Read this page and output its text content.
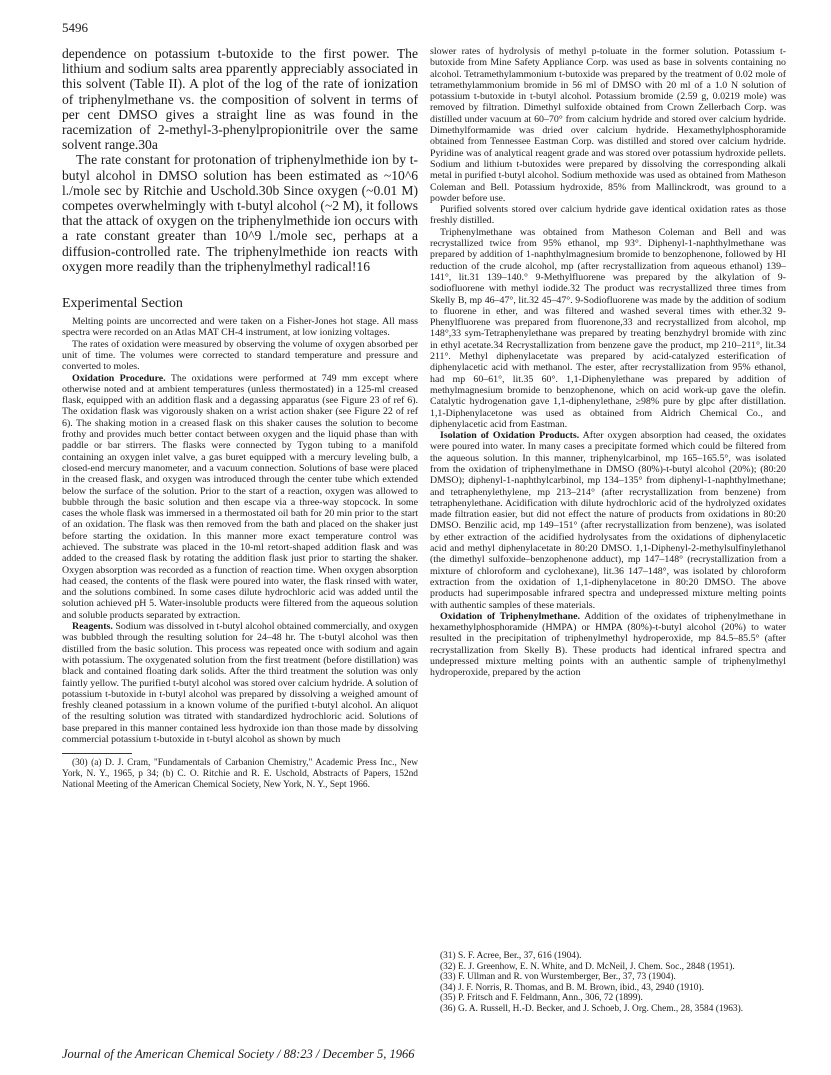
5496

dependence on potassium t-butoxide to the first power. The lithium and sodium salts area pparently appreciably associated in this solvent (Table II). A plot of the log of the rate of ionization of triphenylmethane vs. the composition of solvent in terms of per cent DMSO gives a straight line as was found in the racemization of 2-methyl-3-phenylpropionitrile over the same solvent range.30a

The rate constant for protonation of triphenylmethide ion by t-butyl alcohol in DMSO solution has been estimated as ~10^6 l./mole sec by Ritchie and Uschold.30b Since oxygen (~0.01 M) competes overwhelmingly with t-butyl alcohol (~2 M), it follows that the attack of oxygen on the triphenylmethide ion occurs with a rate constant greater than 10^9 l./mole sec, perhaps at a diffusion-controlled rate. The triphenylmethide ion reacts with oxygen more readily than the triphenylmethyl radical!16

Experimental Section

Melting points are uncorrected and were taken on a Fisher-Jones hot stage. All mass spectra were recorded on an Atlas MAT CH-4 instrument, at low ionizing voltages.

The rates of oxidation were measured by observing the volume of oxygen absorbed per unit of time. The volumes were corrected to standard temperature and pressure and converted to moles.

Oxidation Procedure. The oxidations were performed at 749 mm except where otherwise noted and at ambient temperatures (unless thermostated) in a 125-ml creased flask, equipped with an addition flask and a degassing apparatus (see Figure 23 of ref 6). The oxidation flask was vigorously shaken on a wrist action shaker (see Figure 22 of ref 6). The shaking motion in a creased flask on this shaker causes the solution to become frothy and provides much better contact between oxygen and the liquid phase than with paddle or bar stirrers. The flasks were connected by Tygon tubing to a manifold containing an oxygen inlet valve, a gas buret equipped with a mercury leveling bulb, a closed-end mercury manometer, and a vacuum connection. Solutions of base were placed in the creased flask, and oxygen was introduced through the center tube which extended below the surface of the solution. Prior to the start of a reaction, oxygen was allowed to bubble through the basic solution and then escape via a three-way stopcock. In some cases the whole flask was immersed in a thermostated oil bath for 20 min prior to the start of an oxidation. The flask was then removed from the bath and placed on the shaker just before starting the oxidation. In this manner more exact temperature control was achieved. The substrate was placed in the 10-ml retort-shaped addition flask and was added to the creased flask by rotating the addition flask just prior to starting the shaker. Oxygen absorption was recorded as a function of reaction time. When oxygen absorption had ceased, the contents of the flask were poured into water, the flask rinsed with water, and the solutions combined. In some cases dilute hydrochloric acid was added until the solution achieved pH 5. Water-insoluble products were filtered from the aqueous solution and soluble products separated by extraction.

Reagents. Sodium was dissolved in t-butyl alcohol obtained commercially, and oxygen was bubbled through the resulting solution for 24–48 hr. The t-butyl alcohol was then distilled from the basic solution. This process was repeated once with sodium and again with potassium. The oxygenated solution from the first treatment (before distillation) was black and contained floating dark solids. After the third treatment the solution was only faintly yellow. The purified t-butyl alcohol was stored over calcium hydride. A solution of potassium t-butoxide in t-butyl alcohol was prepared by dissolving a weighed amount of freshly cleaned potassium in a known volume of the purified t-butyl alcohol. An aliquot of the resulting solution was titrated with standardized hydrochloric acid. Solutions of base prepared in this manner contained less hydroxide ion than those made by dissolving commercial potassium t-butoxide in t-butyl alcohol as shown by much

(30) (a) D. J. Cram, "Fundamentals of Carbanion Chemistry," Academic Press Inc., New York, N. Y., 1965, p 34; (b) C. O. Ritchie and R. E. Uschold, Abstracts of Papers, 152nd National Meeting of the American Chemical Society, New York, N. Y., Sept 1966.

slower rates of hydrolysis of methyl p-toluate in the former solution. Potassium t-butoxide from Mine Safety Appliance Corp. was used as base in solvents containing no alcohol. Tetramethylammonium t-butoxide was prepared by the treatment of 0.02 mole of tetramethylammonium bromide in 56 ml of DMSO with 20 ml of a 1.0 N solution of potassium t-butoxide in t-butyl alcohol. Potassium bromide (2.59 g, 0.0219 mole) was removed by filtration. Dimethyl sulfoxide obtained from Crown Zellerbach Corp. was distilled under vacuum at 60–70° from calcium hydride and stored over calcium hydride. Dimethylformamide was dried over calcium hydride. Hexamethylphosphoramide obtained from Tennessee Eastman Corp. was distilled and stored over calcium hydride. Pyridine was of analytical reagent grade and was stored over potassium hydroxide pellets. Sodium and lithium t-butoxides were prepared by dissolving the corresponding alkali metal in purified t-butyl alcohol. Sodium methoxide was used as obtained from Matheson Coleman and Bell. Potassium hydroxide, 85% from Mallinckrodt, was ground to a powder before use.

Purified solvents stored over calcium hydride gave identical oxidation rates as those freshly distilled.

Triphenylmethane was obtained from Matheson Coleman and Bell and was recrystallized twice from 95% ethanol, mp 93°. Diphenyl-1-naphthylmethane was prepared by addition of 1-naphthylmagnesium bromide to benzophenone, followed by HI reduction of the crude alcohol, mp (after recrystallization from aqueous ethanol) 139–141°, lit.31 139–140.° 9-Methylfluorene was prepared by the alkylation of 9-sodiofluorene with methyl iodide.32 The product was recrystallized three times from Skelly B, mp 46–47°, lit.32 45–47°. 9-Sodiofluorene was made by the addition of sodium to fluorene in ether, and was filtered and washed several times with ether.32 9-Phenylfluorene was prepared from fluorenone,33 and recrystallized from alcohol, mp 148°,33 sym-Tetraphenylethane was prepared by treating benzhydryl bromide with zinc in ethyl acetate.34 Recrystallization from benzene gave the product, mp 210–211°, lit.34 211°. Methyl diphenylacetate was prepared by acid-catalyzed esterification of diphenylacetic acid with methanol. The ester, after recrystallization from 95% ethanol, had mp 60–61°, lit.35 60°. 1,1-Diphenylethane was prepared by addition of methylmagnesium bromide to benzophenone, which on acid work-up gave the olefin. Catalytic hydrogenation gave 1,1-diphenylethane, ≥98% pure by glpc after distillation. 1,1-Diphenylacetone was used as obtained from Aldrich Chemical Co., and diphenylacetic acid from Eastman.

Isolation of Oxidation Products. After oxygen absorption had ceased, the oxidates were poured into water. In many cases a precipitate formed which could be filtered from the aqueous solution. In this manner, triphenylcarbinol, mp 165–165.5°, was isolated from the oxidation of triphenylmethane in DMSO (80%)-t-butyl alcohol (20%); (80:20 DMSO); diphenyl-1-naphthylcarbinol, mp 134–135° from diphenyl-1-naphthylmethane; and tetraphenylethylene, mp 213–214° (after recrystallization from benzene) from tetraphenylethane. Acidification with dilute hydrochloric acid of the hydrolyzed oxidates made filtration easier, but did not effect the nature of products from oxidations in 80:20 DMSO. Benzilic acid, mp 149–151° (after recrystallization from benzene), was isolated by ether extraction of the acidified hydrolysates from the oxidations of diphenylacetic acid and methyl diphenylacetate in 80:20 DMSO. 1,1-Diphenyl-2-methylsulfinylethanol (the dimethyl sulfoxide–benzophenone adduct), mp 147–148° (recrystallization from a mixture of chloroform and cyclohexane), lit.36 147–148°, was isolated by chloroform extraction from the oxidation of 1,1-diphenylacetone in 80:20 DMSO. The above products had superimposable infrared spectra and undepressed mixture melting points with authentic samples of these materials.

Oxidation of Triphenylmethane. Addition of the oxidates of triphenylmethane in hexamethylphosphoramide (HMPA) or HMPA (80%)-t-butyl alcohol (20%) to water resulted in the precipitation of triphenylmethyl hydroperoxide, mp 84.5–85.5° (after recrystallization from Skelly B). These products had identical infrared spectra and undepressed mixture melting points with an authentic sample of triphenylmethyl hydroperoxide, prepared by the action

(31) S. F. Acree, Ber., 37, 616 (1904).
(32) E. J. Greenhow, E. N. White, and D. McNeil, J. Chem. Soc., 2848 (1951).
(33) F. Ullman and R. von Wurstemberger, Ber., 37, 73 (1904).
(34) J. F. Norris, R. Thomas, and B. M. Brown, ibid., 43, 2940 (1910).
(35) P. Fritsch and F. Feldmann, Ann., 306, 72 (1899).
(36) G. A. Russell, H.-D. Becker, and J. Schoeb, J. Org. Chem., 28, 3584 (1963).
Journal of the American Chemical Society / 88:23 / December 5, 1966
